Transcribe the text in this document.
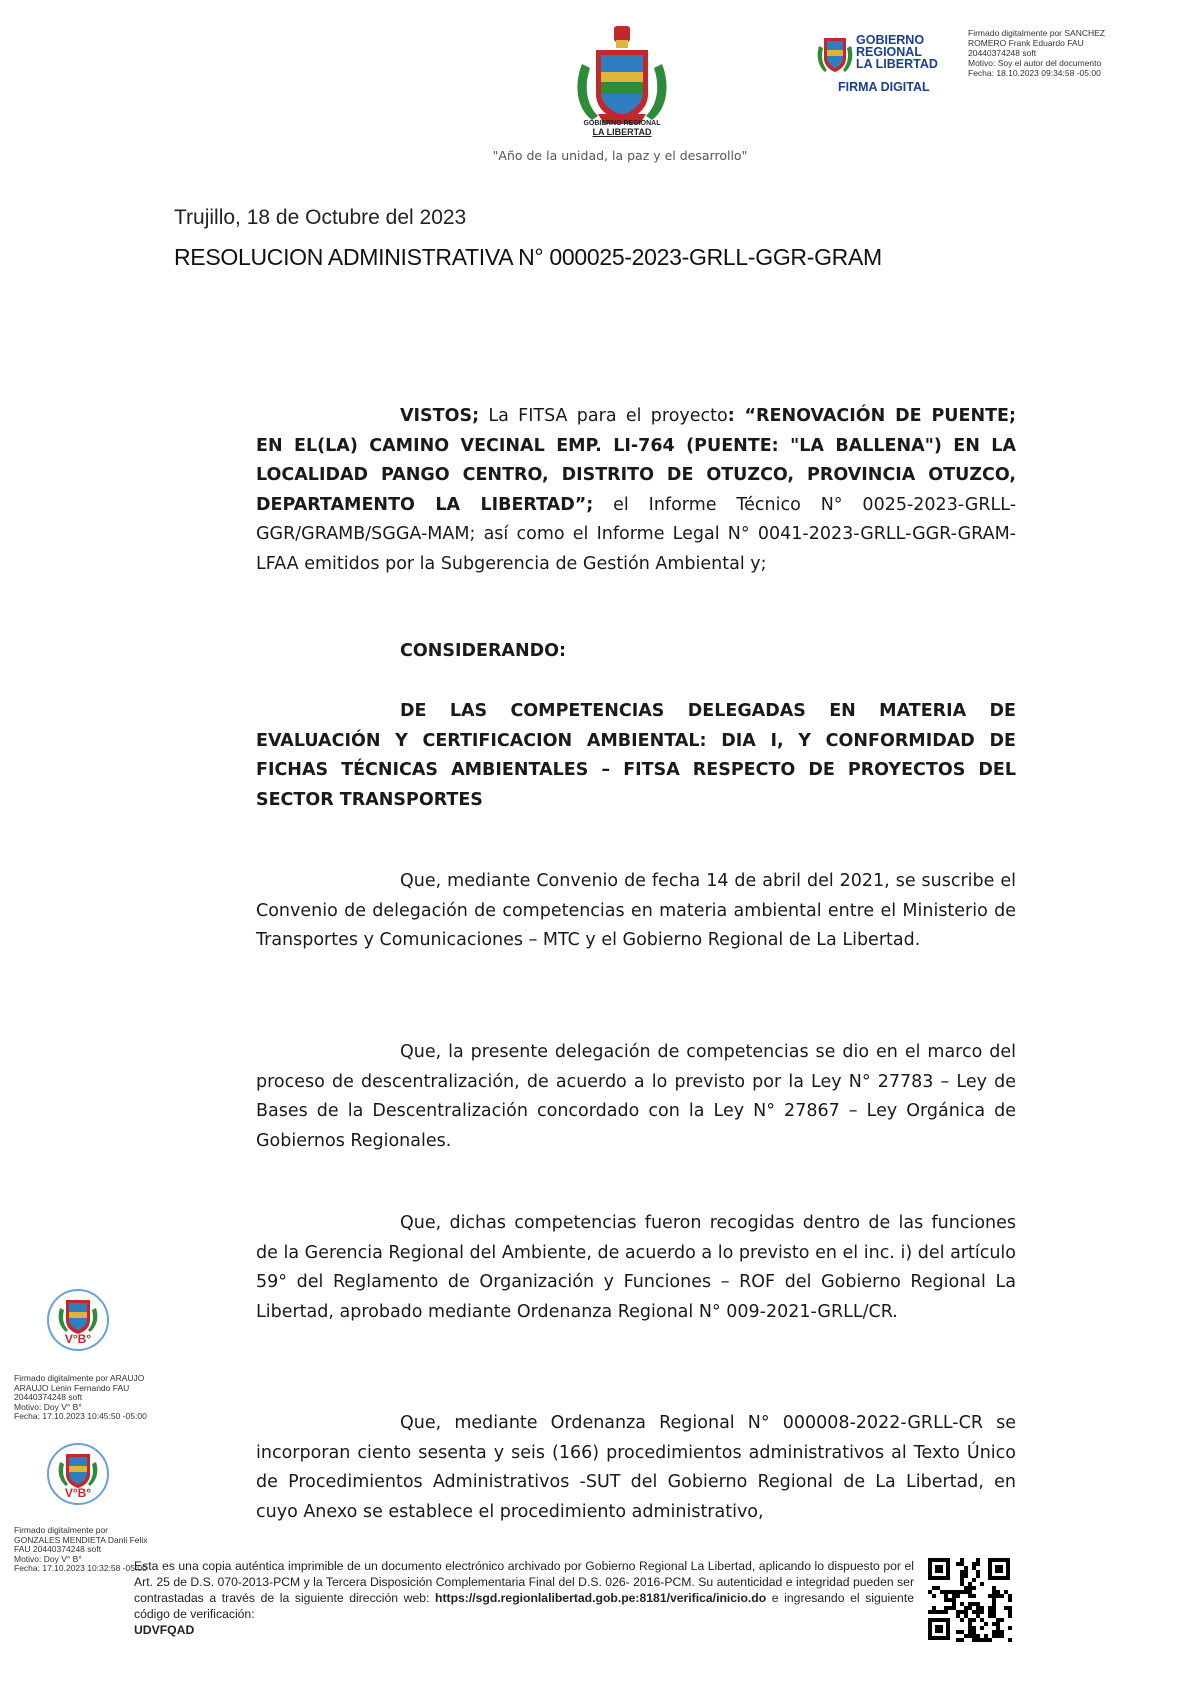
GOBIERNO REGIONAL
LA LIBERTAD
"Año de la unidad, la paz y el desarrollo"
GOBIERNO
REGIONAL
LA LIBERTAD
FIRMA DIGITAL
Firmado digitalmente por SANCHEZ
ROMERO Frank Eduardo FAU
20440374248 soft
Motivo: Soy el autor del documento
Fecha: 18.10.2023 09:34:58 -05:00
Trujillo, 18 de Octubre del 2023
RESOLUCION ADMINISTRATIVA N° 000025-2023-GRLL-GGR-GRAM
VISTOS; La FITSA para el proyecto: “RENOVACIÓN DE PUENTE; EN EL(LA) CAMINO VECINAL EMP. LI-764 (PUENTE: "LA BALLENA") EN LA LOCALIDAD PANGO CENTRO, DISTRITO DE OTUZCO, PROVINCIA OTUZCO, DEPARTAMENTO LA LIBERTAD”; el Informe Técnico N° 0025-2023-GRLL-GGR/GRAMB/SGGA-MAM; así como el Informe Legal N° 0041-2023-GRLL-GGR-GRAM-LFAA emitidos por la Subgerencia de Gestión Ambiental y;
CONSIDERANDO:
DE LAS COMPETENCIAS DELEGADAS EN MATERIA DE EVALUACIÓN Y CERTIFICACION AMBIENTAL: DIA I, Y CONFORMIDAD DE FICHAS TÉCNICAS AMBIENTALES – FITSA RESPECTO DE PROYECTOS DEL SECTOR TRANSPORTES
Que, mediante Convenio de fecha 14 de abril del 2021, se suscribe el Convenio de delegación de competencias en materia ambiental entre el Ministerio de Transportes y Comunicaciones – MTC y el Gobierno Regional de La Libertad.
Que, la presente delegación de competencias se dio en el marco del proceso de descentralización, de acuerdo a lo previsto por la Ley N° 27783 – Ley de Bases de la Descentralización concordado con la Ley N° 27867 – Ley Orgánica de Gobiernos Regionales.
Que, dichas competencias fueron recogidas dentro de las funciones de la Gerencia Regional del Ambiente, de acuerdo a lo previsto en el inc. i) del artículo 59° del Reglamento de Organización y Funciones – ROF del Gobierno Regional La Libertad, aprobado mediante Ordenanza Regional N° 009-2021-GRLL/CR.
Que, mediante Ordenanza Regional N° 000008-2022-GRLL-CR se incorporan ciento sesenta y seis (166) procedimientos administrativos al Texto Único de Procedimientos Administrativos -SUT del Gobierno Regional de La Libertad, en cuyo Anexo se establece el procedimiento administrativo,
V°B°
Firmado digitalmente por ARAUJO
ARAUJO Lenin Fernando FAU
20440374248 soft
Motivo: Doy V° B°
Fecha: 17.10.2023 10:45:50 -05:00
V°B°
Firmado digitalmente por
GONZALES MENDIETA Danli Felix
FAU 20440374248 soft
Motivo: Doy V° B°
Fecha: 17.10.2023 10:32:58 -05:00
Esta es una copia auténtica imprimible de un documento electrónico archivado por Gobierno Regional La Libertad, aplicando lo dispuesto por el Art. 25 de D.S. 070-2013-PCM y la Tercera Disposición Complementaria Final del D.S. 026- 2016-PCM. Su autenticidad e integridad pueden ser contrastadas a través de la siguiente dirección web: https://sgd.regionlalibertad.gob.pe:8181/verifica/inicio.do e ingresando el siguiente código de verificación:
UDVFQAD
